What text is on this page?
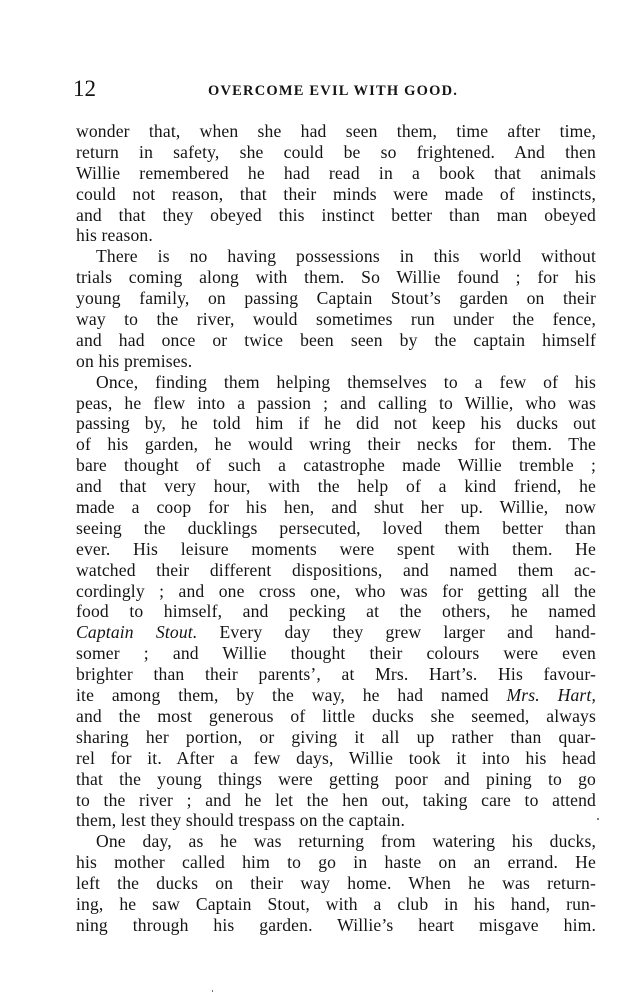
12	OVERCOME EVIL WITH GOOD.
wonder that, when she had seen them, time after time,
return in safety, she could be so frightened. And then
Willie remembered he had read in a book that animals
could not reason, that their minds were made of instincts,
and that they obeyed this instinct better than man obeyed
his reason.
There is no having possessions in this world without
trials coming along with them. So Willie found ; for his
young family, on passing Captain Stout’s garden on their
way to the river, would sometimes run under the fence,
and had once or twice been seen by the captain himself
on his premises.
Once, finding them helping themselves to a few of his
peas, he flew into a passion ; and calling to Willie, who was
passing by, he told him if he did not keep his ducks out
of his garden, he would wring their necks for them. The
bare thought of such a catastrophe made Willie tremble ;
and that very hour, with the help of a kind friend, he
made a coop for his hen, and shut her up. Willie, now
seeing the ducklings persecuted, loved them better than
ever. His leisure moments were spent with them. He
watched their different dispositions, and named them ac-
cordingly ; and one cross one, who was for getting all the
food to himself, and pecking at the others, he named
Captain Stout. Every day they grew larger and hand-
somer ; and Willie thought their colours were even
brighter than their parents’, at Mrs. Hart’s. His favour-
ite among them, by the way, he had named Mrs. Hart,
and the most generous of little ducks she seemed, always
sharing her portion, or giving it all up rather than quar-
rel for it. After a few days, Willie took it into his head
that the young things were getting poor and pining to go
to the river ; and he let the hen out, taking care to attend
them, lest they should trespass on the captain.
One day, as he was returning from watering his ducks,
his mother called him to go in haste on an errand. He
left the ducks on their way home. When he was return-
ing, he saw Captain Stout, with a club in his hand, run-
ning through his garden. Willie’s heart misgave him.
